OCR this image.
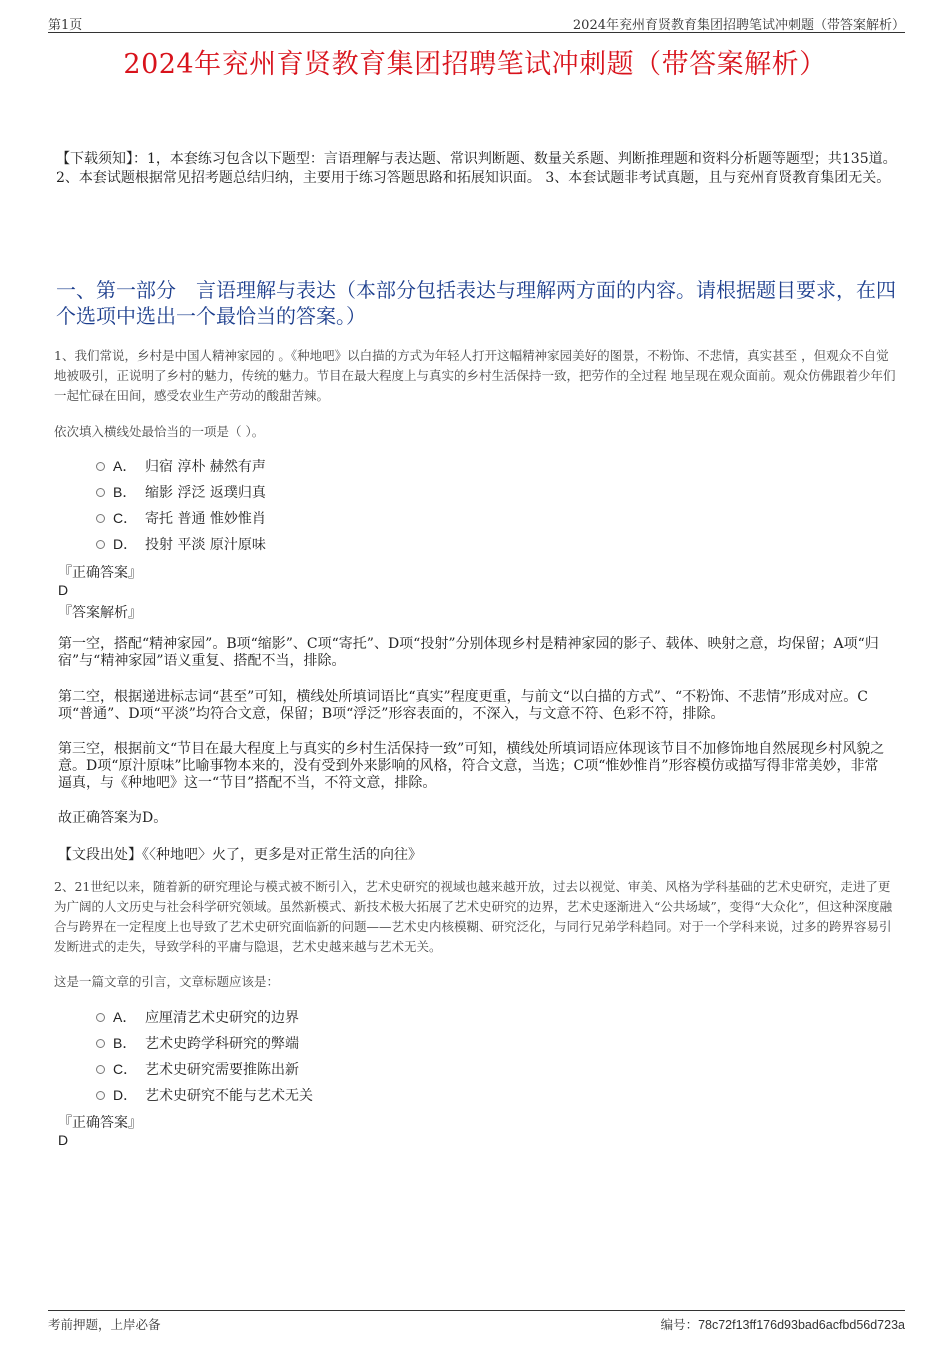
第1页	2024年兖州育贤教育集团招聘笔试冲刺题（带答案解析）
2024年兖州育贤教育集团招聘笔试冲刺题（带答案解析）
【下载须知】：1，本套练习包含以下题型：言语理解与表达题、常识判断题、数量关系题、判断推理题和资料分析题等题型；共135道。 2、本套试题根据常见招考题总结归纳，主要用于练习答题思路和拓展知识面。 3、本套试题非考试真题，且与兖州育贤教育集团无关。
一、第一部分　言语理解与表达（本部分包括表达与理解两方面的内容。请根据题目要求，在四个选项中选出一个最恰当的答案。）
1、我们常说，乡村是中国人精神家园的 。《种地吧》以白描的方式为年轻人打开这幅精神家园美好的图景，不粉饰、不悲情，真实甚至 ，但观众不自觉地被吸引，正说明了乡村的魅力，传统的魅力。节目在最大程度上与真实的乡村生活保持一致，把劳作的全过程 地呈现在观众面前。观众仿佛跟着少年们一起忙碌在田间，感受农业生产劳动的酸甜苦辣。
依次填入横线处最恰当的一项是（ ）。
A． 归宿 淳朴 赫然有声
B． 缩影 浮泛 返璞归真
C． 寄托 普通 惟妙惟肖
D． 投射 平淡 原汁原味
『正确答案』
D
『答案解析』
第一空，搭配“精神家园”。B项“缩影”、C项“寄托”、D项“投射”分别体现乡村是精神家园的影子、载体、映射之意，均保留；A项“归宿”与“精神家园”语义重复、搭配不当，排除。
第二空，根据递进标志词“甚至”可知，横线处所填词语比“真实”程度更重，与前文“以白描的方式”、“不粉饰、不悲情”形成对应。C项“普通”、D项“平淡”均符合文意，保留；B项“浮泛”形容表面的，不深入，与文意不符、色彩不符，排除。
第三空，根据前文“节目在最大程度上与真实的乡村生活保持一致”可知，横线处所填词语应体现该节目不加修饰地自然展现乡村风貌之意。D项“原汁原味”比喻事物本来的，没有受到外来影响的风格，符合文意，当选；C项“惟妙惟肖”形容模仿或描写得非常美妙，非常逼真，与《种地吧》这一“节目”搭配不当，不符文意，排除。
故正确答案为D。
【文段出处】《〈种地吧〉火了，更多是对正常生活的向往》
2、21世纪以来，随着新的研究理论与模式被不断引入，艺术史研究的视域也越来越开放，过去以视觉、审美、风格为学科基础的艺术史研究，走进了更为广阔的人文历史与社会科学研究领域。虽然新模式、新技术极大拓展了艺术史研究的边界，艺术史逐渐进入“公共场域”，变得“大众化”，但这种深度融合与跨界在一定程度上也导致了艺术史研究面临新的问题——艺术史内核模糊、研究泛化，与同行兄弟学科趋同。对于一个学科来说，过多的跨界容易引发断进式的走失，导致学科的平庸与隐退，艺术史越来越与艺术无关。
这是一篇文章的引言，文章标题应该是：
A． 应厘清艺术史研究的边界
B． 艺术史跨学科研究的弊端
C． 艺术史研究需要推陈出新
D． 艺术史研究不能与艺术无关
『正确答案』
D
考前押题，上岸必备	编号：78c72f13ff176d93bad6acfbd56d723a
